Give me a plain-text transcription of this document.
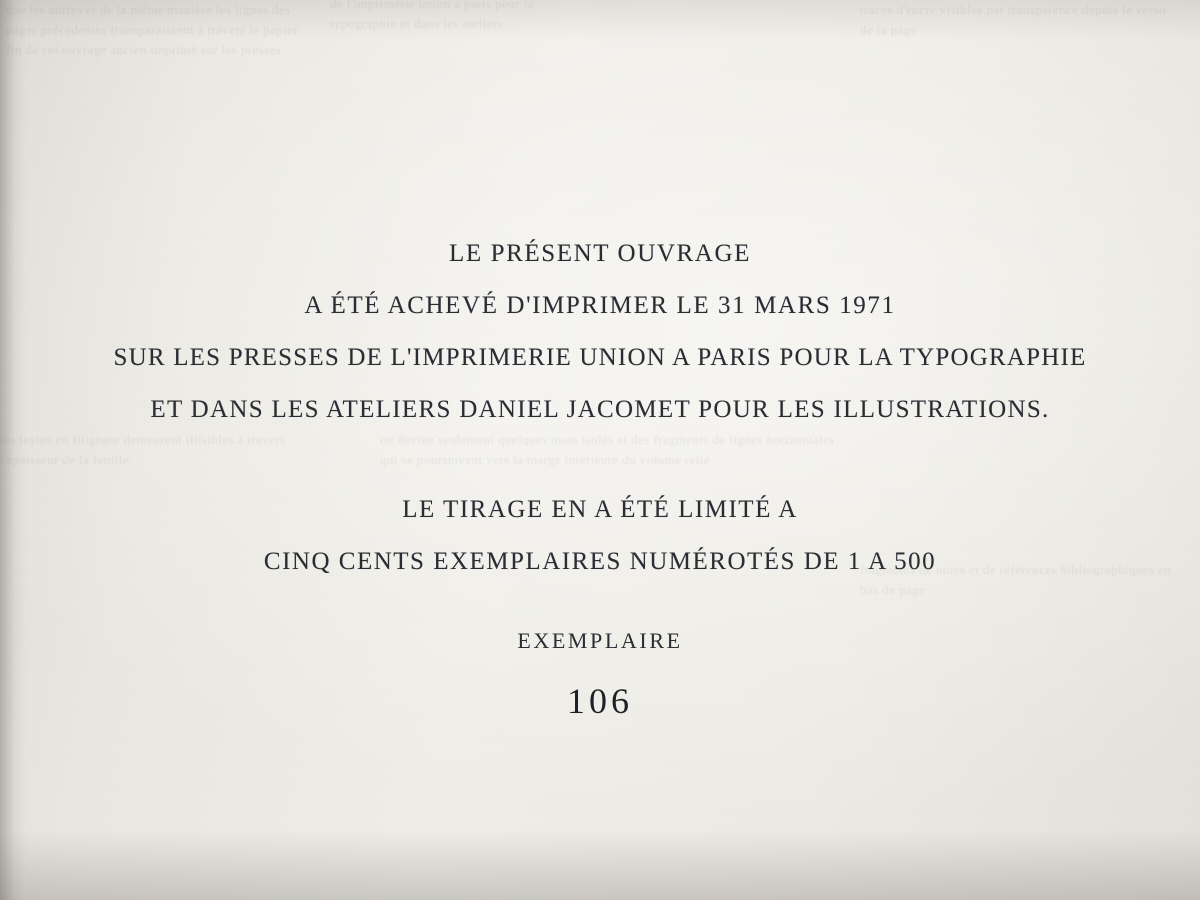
que les autres et de la même manière les lignes des pages précédentes transparaissent à travers le papier fin de cet ouvrage ancien imprimé sur les presses
de l'imprimerie union a paris pour la typographie et dans les ateliers
les textes en filigrane demeurent illisibles à travers l'épaisseur de la feuille
on devine seulement quelques mots isolés et des fragments de lignes horizontales qui se poursuivent vers la marge intérieure du volume relié
traces d'encre visibles par transparence depuis le verso de la page
fragments de notes et de références bibliographiques en bas de page
LE PRÉSENT OUVRAGE
A ÉTÉ ACHEVÉ D'IMPRIMER LE 31 MARS 1971
SUR LES PRESSES DE L'IMPRIMERIE UNION A PARIS POUR LA TYPOGRAPHIE
ET DANS LES ATELIERS DANIEL JACOMET POUR LES ILLUSTRATIONS.
LE TIRAGE EN A ÉTÉ LIMITÉ A
CINQ CENTS EXEMPLAIRES NUMÉROTÉS DE 1 A 500
EXEMPLAIRE
106
